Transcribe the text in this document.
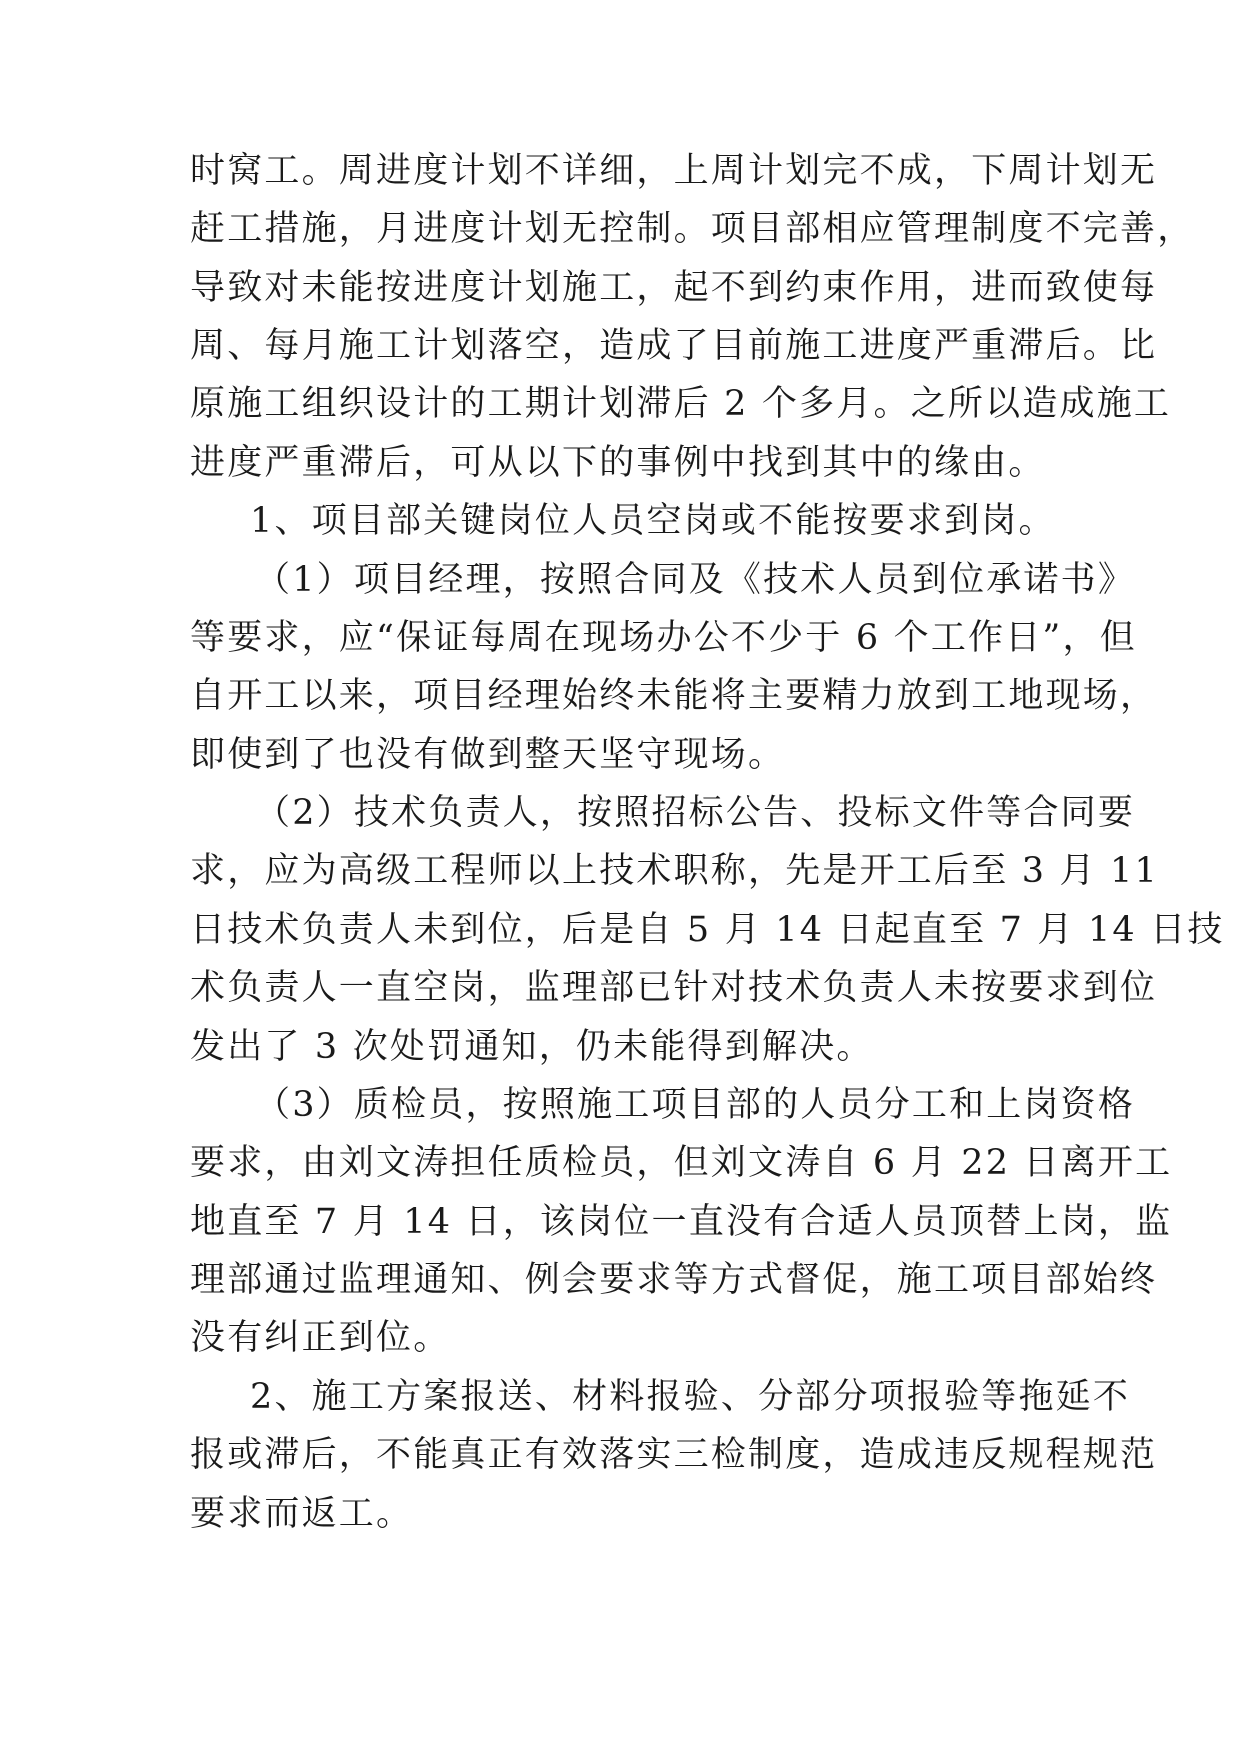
时窝工。周进度计划不详细，上周计划完不成，下周计划无
赶工措施，月进度计划无控制。项目部相应管理制度不完善，
导致对未能按进度计划施工，起不到约束作用，进而致使每
周、每月施工计划落空，造成了目前施工进度严重滞后。比
原施工组织设计的工期计划滞后 2 个多月。之所以造成施工
进度严重滞后，可从以下的事例中找到其中的缘由。
1、项目部关键岗位人员空岗或不能按要求到岗。
（1）项目经理，按照合同及《技术人员到位承诺书》
等要求，应“保证每周在现场办公不少于 6 个工作日”，但
自开工以来，项目经理始终未能将主要精力放到工地现场，
即使到了也没有做到整天坚守现场。
（2）技术负责人，按照招标公告、投标文件等合同要
求，应为高级工程师以上技术职称，先是开工后至 3 月 11
日技术负责人未到位，后是自 5 月 14 日起直至 7 月 14 日技
术负责人一直空岗，监理部已针对技术负责人未按要求到位
发出了 3 次处罚通知，仍未能得到解决。
（3）质检员，按照施工项目部的人员分工和上岗资格
要求，由刘文涛担任质检员，但刘文涛自 6 月 22 日离开工
地直至 7 月 14 日，该岗位一直没有合适人员顶替上岗，监
理部通过监理通知、例会要求等方式督促，施工项目部始终
没有纠正到位。
2、施工方案报送、材料报验、分部分项报验等拖延不
报或滞后，不能真正有效落实三检制度，造成违反规程规范
要求而返工。
